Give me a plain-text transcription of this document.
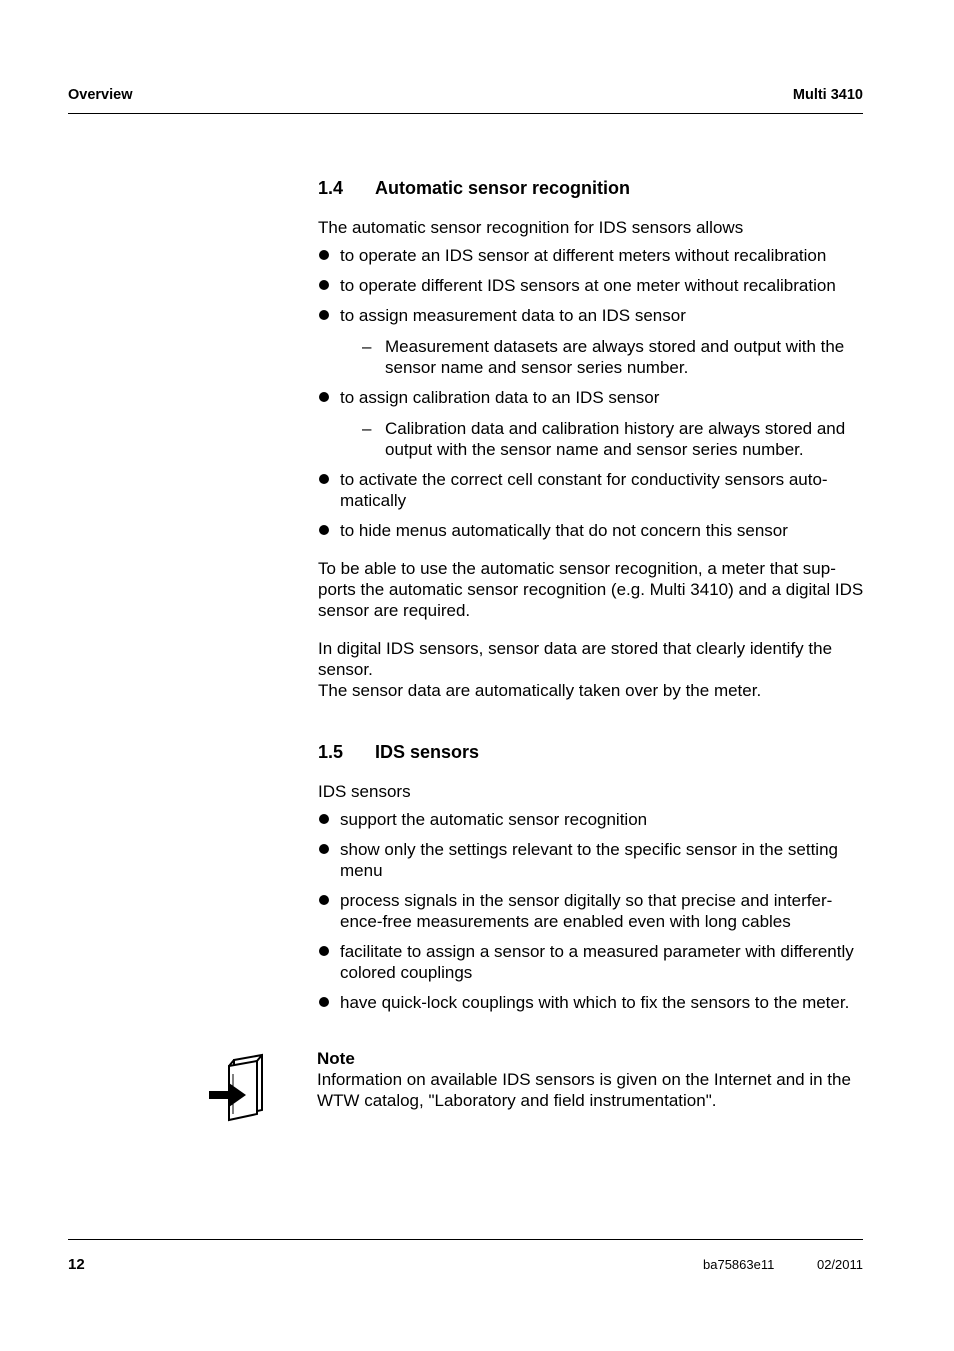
Overview	Multi 3410
1.4	Automatic sensor recognition

The automatic sensor recognition for IDS sensors allows

to operate an IDS sensor at different meters without recalibration
to operate different IDS sensors at one meter without recalibration
to assign measurement data to an IDS sensor
– Measurement datasets are always stored and output with the sensor name and sensor series number.
to assign calibration data to an IDS sensor
– Calibration data and calibration history are always stored and output with the sensor name and sensor series number.
to activate the correct cell constant for conductivity sensors auto-matically
to hide menus automatically that do not concern this sensor

To be able to use the automatic sensor recognition, a meter that sup-ports the automatic sensor recognition (e.g. Multi 3410) and a digital IDS sensor are required.

In digital IDS sensors, sensor data are stored that clearly identify the sensor.
The sensor data are automatically taken over by the meter.

1.5	IDS sensors

IDS sensors

support the automatic sensor recognition
show only the settings relevant to the specific sensor in the setting menu
process signals in the sensor digitally so that precise and interfer-ence-free measurements are enabled even with long cables
facilitate to assign a sensor to a measured parameter with differently colored couplings
have quick-lock couplings with which to fix the sensors to the meter.
Note
Information on available IDS sensors is given on the Internet and in the WTW catalog, "Laboratory and field instrumentation".
12	ba75863e11	02/2011
